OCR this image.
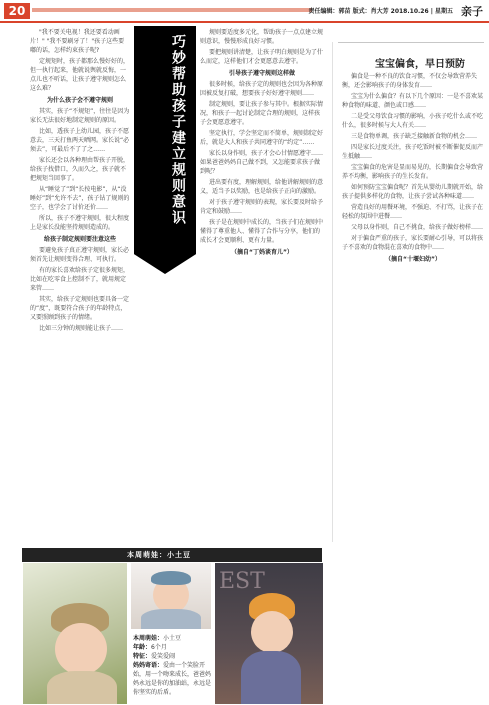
20	责任编辑：郭苗 版式：肖大芳 2018.10.26 | 星期五 亲子

"我不要关电视！我还要看动画片！" "我不要刷牙了！"孩子这些要嘟的话，怎样约束孩子呢?

定规矩时，孩子都那么慢好好的，但一执行起来，他就说舆就反悔，一点儿也不听话，让孩子遵守规则怎么这么难？

为什么孩子会不遵守规则

其实，孩子“不规矩”，往往是因为家长无法很好地制定规则的原因。

比如，透孩子上幼儿园，孩子不愿意去，三天打鱼两天晒网。家长说“必须去”，可最后不了了之……

家长还会以各种理由帮孩子开脱，给孩子找借口，久而久之，孩子就不把规矩当回事了。

从“睡觉了”到“长按电影”，从“没睡好”到“允许不去”，孩子钻了规则的空子，也学会了讨价还价……

所以，孩子不遵守规则，很大程度上是家长没能坚持规则造成的。

给孩子制定规则要注意这些

要避免孩子真正遵守规则，家长必须首先让规则变得合理、可执行。

有的家长喜欢给孩子定很多规矩，比如在吃零食上控制不了，就用规定来管……

其实，给孩子定规则也要具备一定的“度”，既要符合孩子的年龄特点，又要照顾到孩子的情绪。

比如三分钟的规则能让孩子……

巧妙帮助孩子建立规则意识

规则要适度多元化，帮助孩子一点点建立规则意识，慢慢形成良好习惯。

要把规则讲清楚，让孩子明白规则是为了什么而定，这样他们才会更愿意去遵守。

引导孩子遵守规则这样做

很多时候，给孩子定的规则也会因为各种原因被反复打破，想要孩子好好遵守规则……

制定规则，要让孩子参与其中。根据实际情况，和孩子一起讨论制定合理的规则，这样孩子会更愿意遵守。

坚定执行，学会坚定而不简单，规则制定好后，就是大人和孩子共同遵守的“约定”……

家长以身作则，孩子才会心甘情愿遵守……如果爸爸妈妈自己做不到，又怎能要求孩子做到呢？

进出要有度，理解规则，给他讲解规则的意义，适当予以奖励，也是给孩子正向的激励。

对于孩子遵守规则的表现，家长要及时给予肯定和鼓励……

孩子是在规则中成长的，当孩子们在规则中懂得了尊重他人、懂得了合作与分享，他们的成长才会更顺利、更有力量。

（摘自“丁妈谈育儿”）
宝宝偏食，早日预防

偏食是一种不良的饮食习惯，不仅会导致营养失衡，还会影响孩子的身体发育……

宝宝为什么偏食？有以下几个原因：一是不喜欢某种食物的味道、颜色或口感……

二是受父母饮食习惯的影响，小孩子吃什么或不吃什么，很多时候与大人有关……

三是食物单调，孩子缺乏接触新食物的机会……

四是家长过度关注，孩子吃饭时被不断催促反而产生抵触……

宝宝偏食的危害是显而易见的，长期偏食会导致营养不均衡，影响孩子的生长发育。

如何预防宝宝偏食呢？首先从婴幼儿期就开始，给孩子提供多样化的食物，让孩子尝试各种味道……

营造良好的用餐环境，不强迫、不打骂，让孩子在轻松的氛围中进餐……

父母以身作则，自己不挑食，给孩子做好榜样……

对于偏食严重的孩子，家长要耐心引导，可以将孩子不喜欢的食物混在喜欢的食物中……

（摘自“十堰妇幼”）
本周萌娃：小土豆
EST
本周萌娃：小土豆
年龄：6个月
特征：爱笑爱闹
妈妈寄语：爱由一个笑脸开始，用一个吻来成长，爸爸妈妈永远是你的加油站，永远是你坚实的后盾。
